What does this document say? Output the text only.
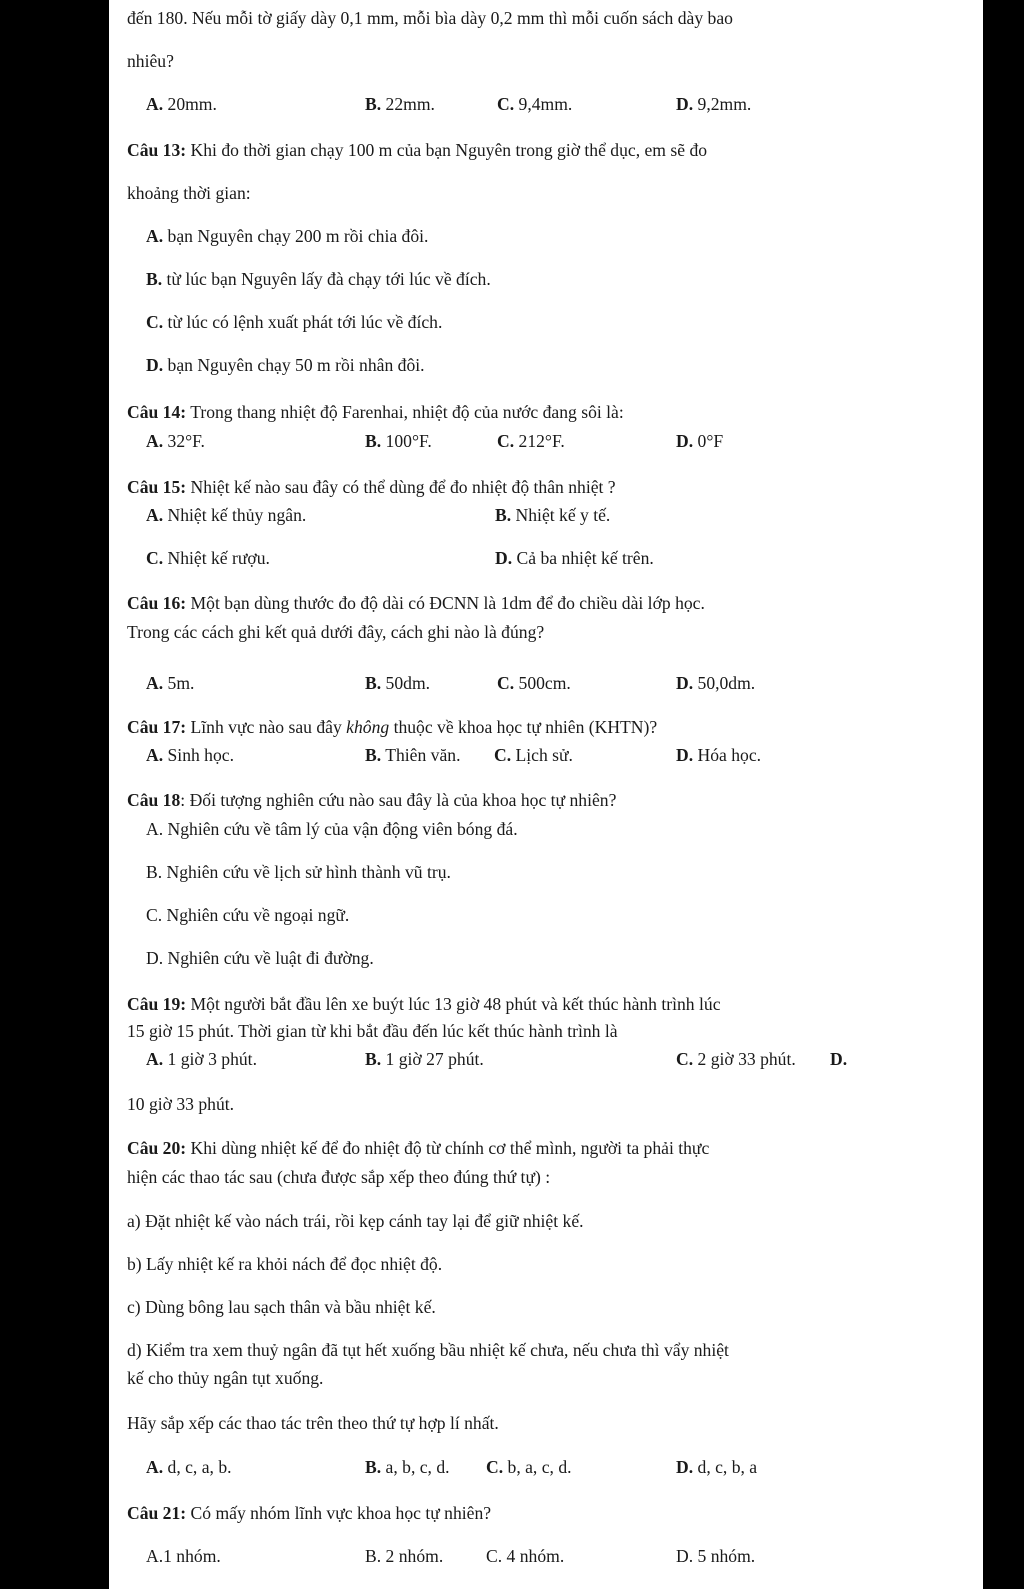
đến 180. Nếu mỗi tờ giấy dày 0,1 mm, mỗi bìa dày 0,2 mm thì mỗi cuốn sách dày bao
nhiêu?
A. 20mm.	B. 22mm.	C. 9,4mm.	D. 9,2mm.
Câu 13: Khi đo thời gian chạy 100 m của bạn Nguyên trong giờ thể dục, em sẽ đo
khoảng thời gian:
A. bạn Nguyên chạy 200 m rồi chia đôi.
B. từ lúc bạn Nguyên lấy đà chạy tới lúc về đích.
C. từ lúc có lệnh xuất phát tới lúc về đích.
D. bạn Nguyên chạy 50 m rồi nhân đôi.
Câu 14: Trong thang nhiệt độ Farenhai, nhiệt độ của nước đang sôi là:
A. 32°F.	B. 100°F.	C. 212°F.	D. 0°F
Câu 15: Nhiệt kế nào sau đây có thể dùng để đo nhiệt độ thân nhiệt ?
A. Nhiệt kế thủy ngân.	B. Nhiệt kế y tế.
C. Nhiệt kế rượu.	D. Cả ba nhiệt kế trên.
Câu 16: Một bạn dùng thước đo độ dài có ĐCNN là 1dm để đo chiều dài lớp học.
Trong các cách ghi kết quả dưới đây, cách ghi nào là đúng?
A. 5m.	B. 50dm.	C. 500cm.	D. 50,0dm.
Câu 17: Lĩnh vực nào sau đây không thuộc về khoa học tự nhiên (KHTN)?
A. Sinh học.	B. Thiên văn. C. Lịch sử.	D. Hóa học.
Câu 18: Đối tượng nghiên cứu nào sau đây là của khoa học tự nhiên?
A. Nghiên cứu về tâm lý của vận động viên bóng đá.
B. Nghiên cứu về lịch sử hình thành vũ trụ.
C. Nghiên cứu về ngoại ngữ.
D. Nghiên cứu về luật đi đường.
Câu 19: Một người bắt đầu lên xe buýt lúc 13 giờ 48 phút và kết thúc hành trình lúc
15 giờ 15 phút. Thời gian từ khi bắt đầu đến lúc kết thúc hành trình là
A. 1 giờ 3 phút.	B. 1 giờ 27 phút.	C. 2 giờ 33 phút. D.
10 giờ 33 phút.
Câu 20: Khi dùng nhiệt kế để đo nhiệt độ từ chính cơ thể mình, người ta phải thực
hiện các thao tác sau (chưa được sắp xếp theo đúng thứ tự) :
a) Đặt nhiệt kế vào nách trái, rồi kẹp cánh tay lại để giữ nhiệt kế.
b) Lấy nhiệt kế ra khỏi nách để đọc nhiệt độ.
c) Dùng bông lau sạch thân và bầu nhiệt kế.
d) Kiểm tra xem thuỷ ngân đã tụt hết xuống bầu nhiệt kế chưa, nếu chưa thì vẩy nhiệt
kế cho thủy ngân tụt xuống.
Hãy sắp xếp các thao tác trên theo thứ tự hợp lí nhất.
A. d, c, a, b.	B. a, b, c, d. C. b, a, c, d.	D. d, c, b, a
Câu 21: Có mấy nhóm lĩnh vực khoa học tự nhiên?
A.1 nhóm.	B. 2 nhóm. C. 4 nhóm.	D. 5 nhóm.
